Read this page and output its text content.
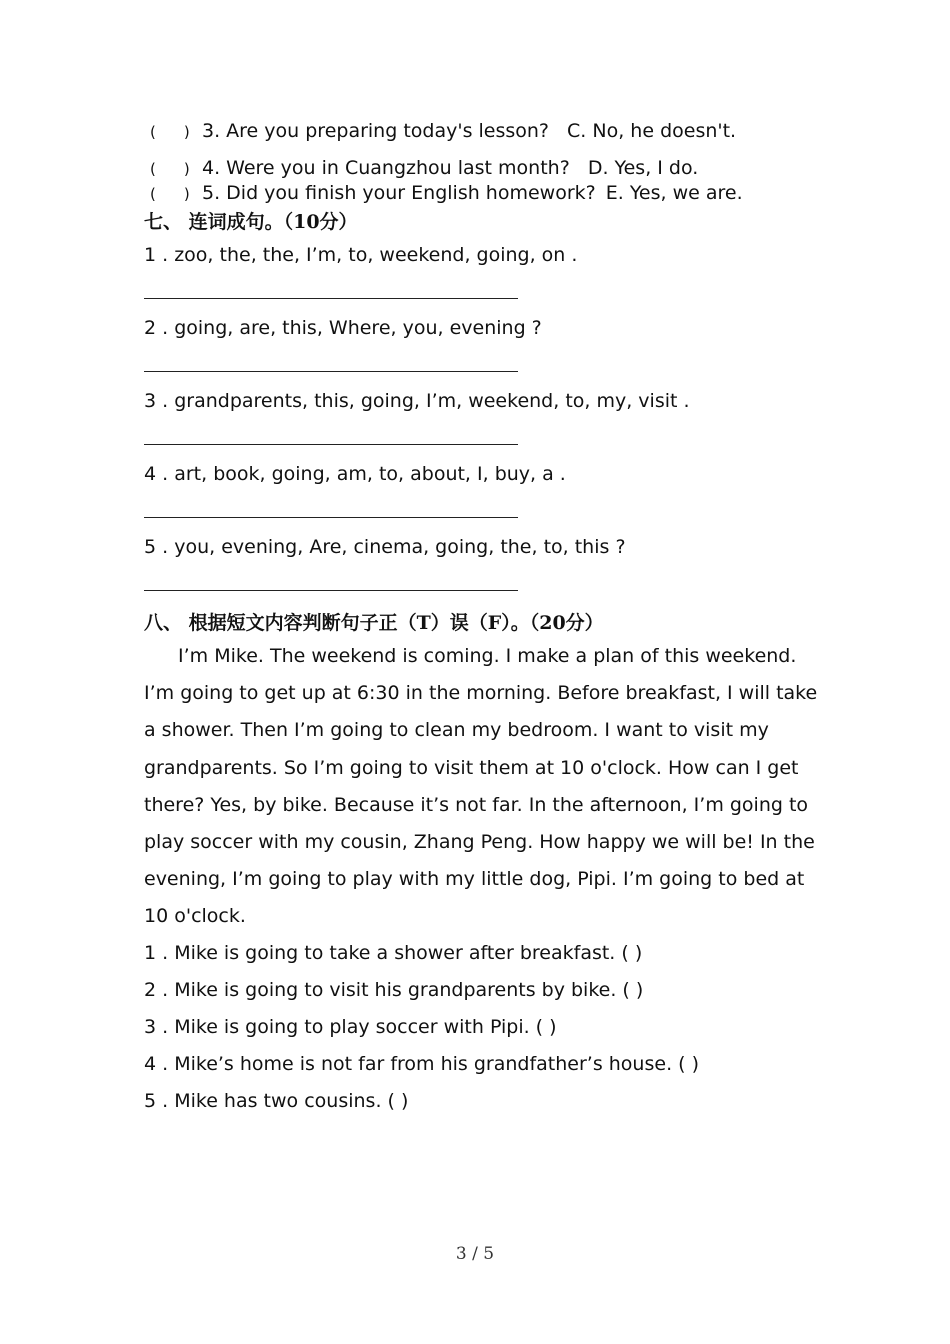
( ) 3. Are you preparing today's lesson? C. No, he doesn't.
( ) 4. Were you in Cuangzhou last month? D. Yes, I do.
( ) 5. Did you finish your English homework? E. Yes, we are.
七、 连词成句。（10分）
1 . zoo, the, the, I’m, to, weekend, going, on .
2 . going, are, this, Where, you, evening ?
3 . grandparents, this, going, I’m, weekend, to, my, visit .
4 . art, book, going, am, to, about, I, buy, a .
5 . you, evening, Are, cinema, going, the, to, this ?
八、 根据短文内容判断句子正（T）误（F）。（20分）
I’m Mike. The weekend is coming. I make a plan of this weekend. I’m going to get up at 6:30 in the morning. Before breakfast, I will take a shower. Then I’m going to clean my bedroom. I want to visit my grandparents. So I’m going to visit them at 10 o'clock. How can I get there? Yes, by bike. Because it’s not far. In the afternoon, I’m going to play soccer with my cousin, Zhang Peng. How happy we will be! In the evening, I’m going to play with my little dog, Pipi. I’m going to bed at 10 o'clock.
1 . Mike is going to take a shower after breakfast. ( )
2 . Mike is going to visit his grandparents by bike. ( )
3 . Mike is going to play soccer with Pipi. ( )
4 . Mike’s home is not far from his grandfather’s house. ( )
5 . Mike has two cousins. ( )
3 / 5
